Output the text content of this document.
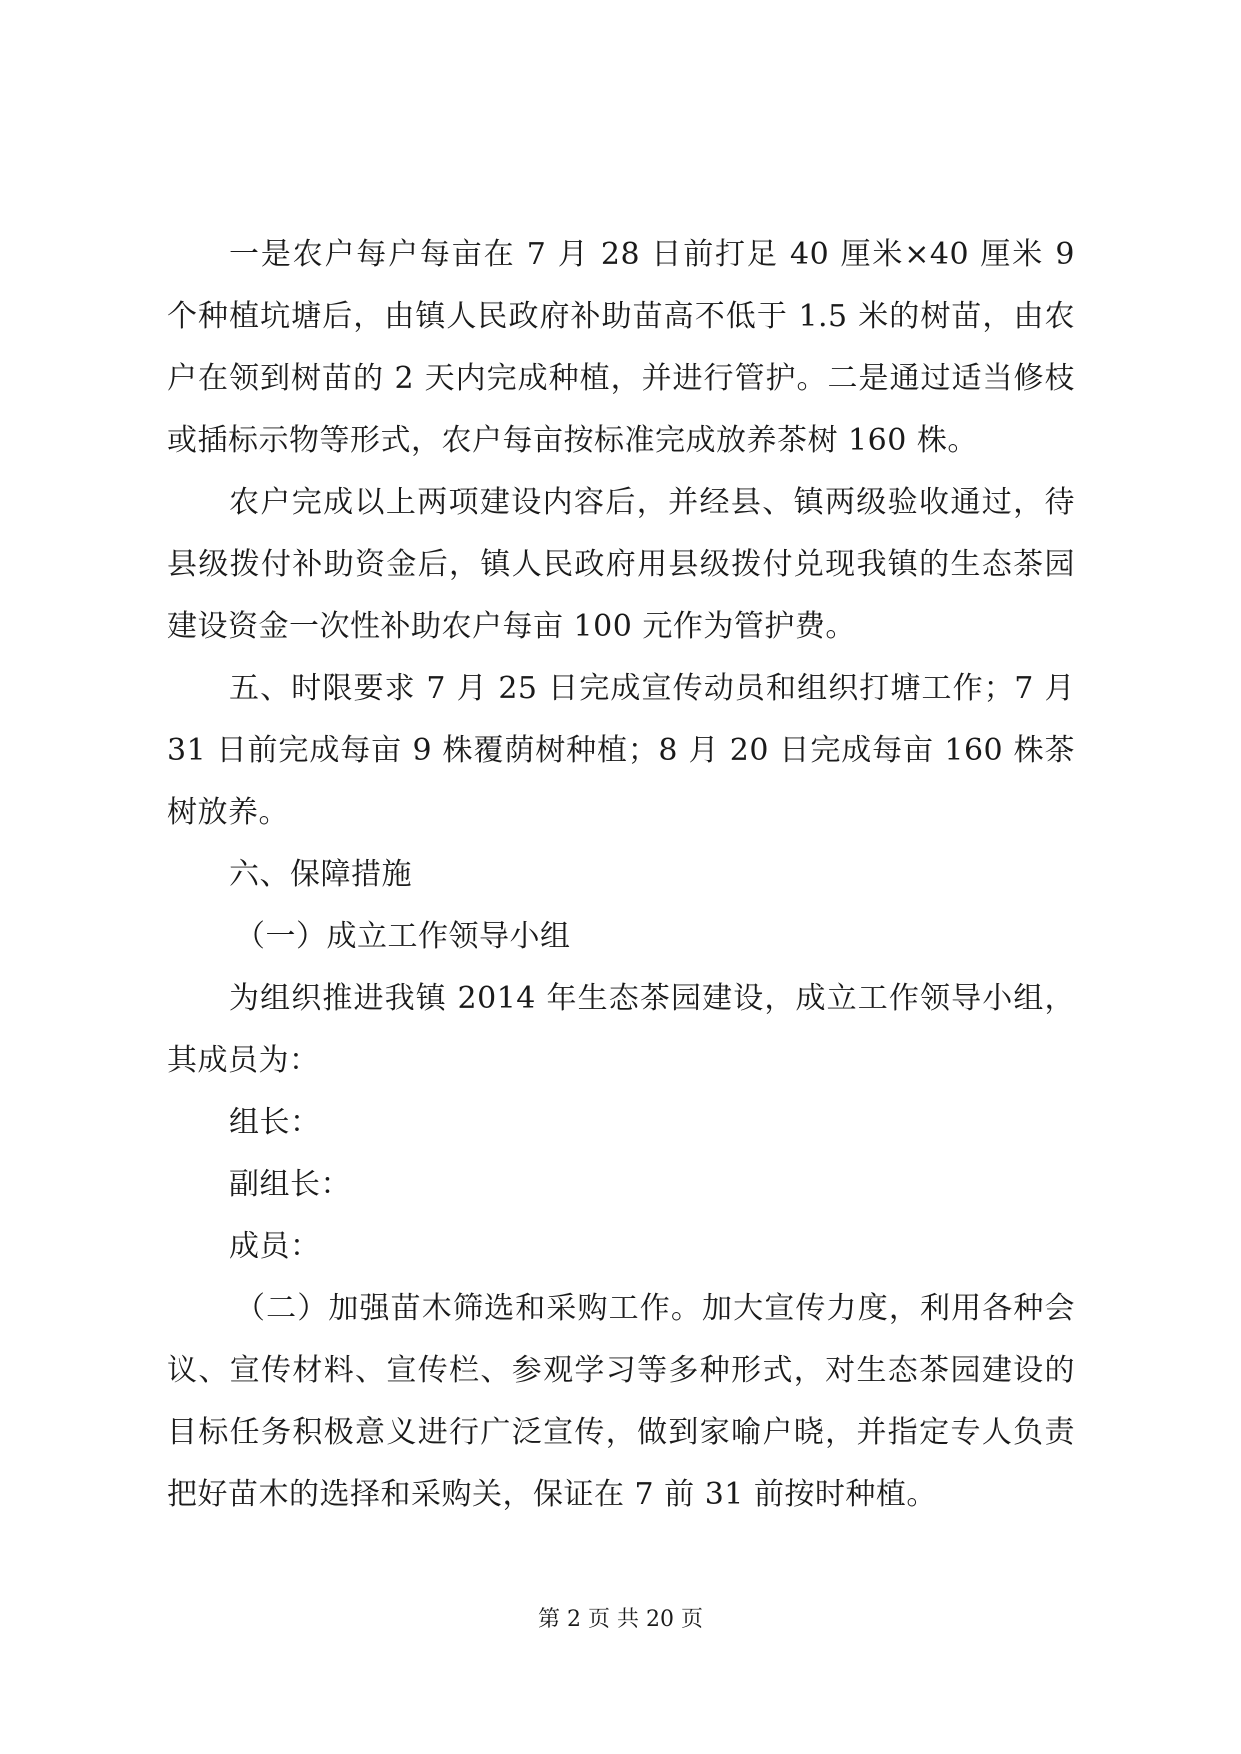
一是农户每户每亩在 7 月 28 日前打足 40 厘米×40 厘米 9 个种植坑塘后，由镇人民政府补助苗高不低于 1.5 米的树苗，由农户在领到树苗的 2 天内完成种植，并进行管护。二是通过适当修枝或插标示物等形式，农户每亩按标准完成放养茶树 160 株。

农户完成以上两项建设内容后，并经县、镇两级验收通过，待县级拨付补助资金后，镇人民政府用县级拨付兑现我镇的生态茶园建设资金一次性补助农户每亩 100 元作为管护费。

五、时限要求 7 月 25 日完成宣传动员和组织打塘工作；7 月 31 日前完成每亩 9 株覆荫树种植；8 月 20 日完成每亩 160 株茶树放养。

六、保障措施

（一）成立工作领导小组

为组织推进我镇 2014 年生态茶园建设，成立工作领导小组，其成员为：

组长：

副组长：

成员：

（二）加强苗木筛选和采购工作。加大宣传力度，利用各种会议、宣传材料、宣传栏、参观学习等多种形式，对生态茶园建设的目标任务积极意义进行广泛宣传，做到家喻户晓，并指定专人负责把好苗木的选择和采购关，保证在 7 前 31 前按时种植。

第 2 页 共 20 页
